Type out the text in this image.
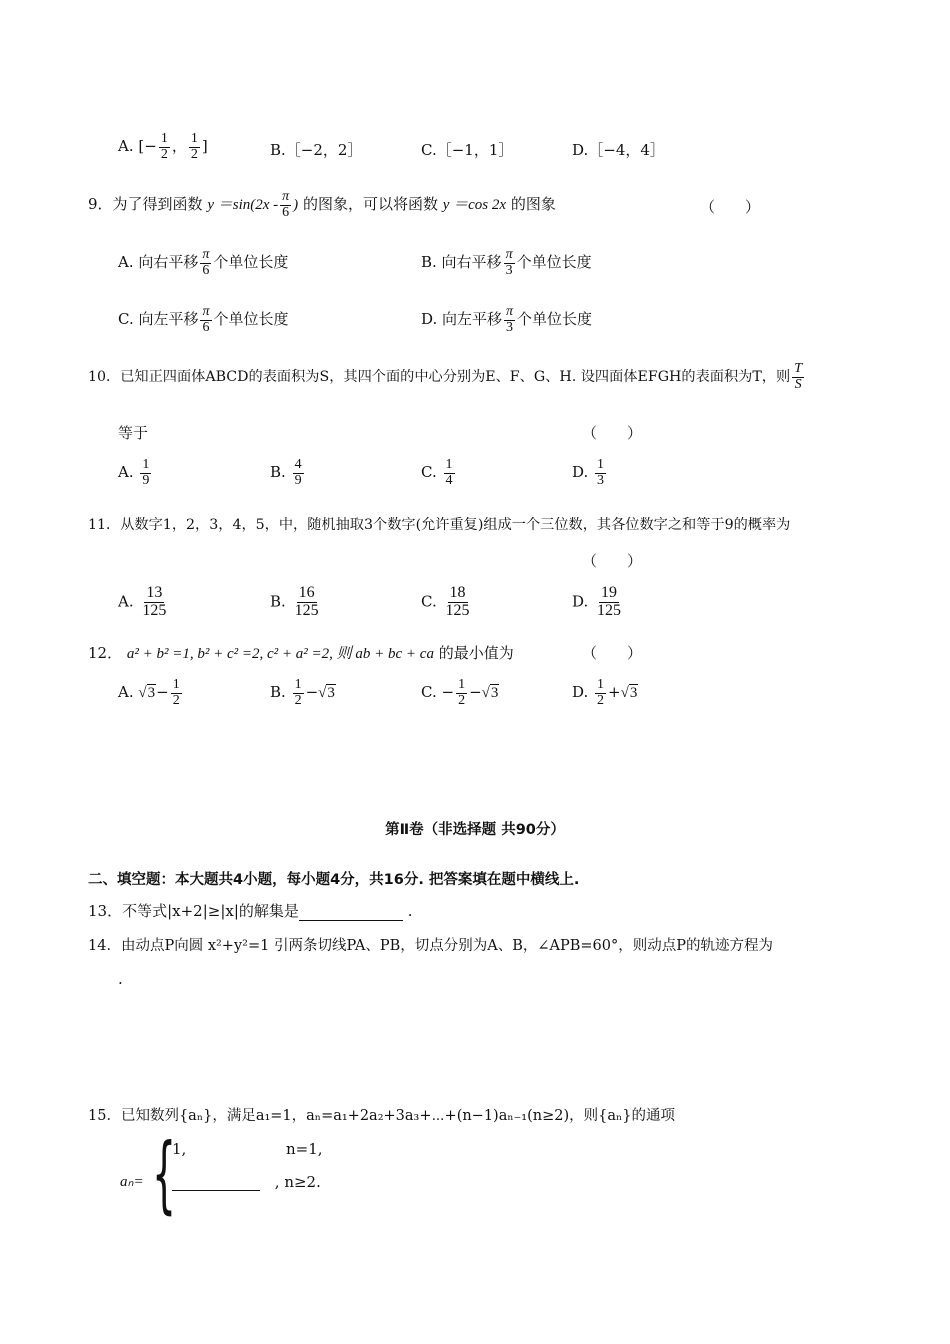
A. [− $\frac{1}{2}$ ， $\frac{1}{2}$ ]	B.［−2，2］	C.［−1，1］	D.［−4，4］
9．为了得到函数 $y =\sin(2x - \frac{\pi}{6}$ ) 的图象，可以将函数 y ＝cos 2x 的图象	（　　）
A. 向右平移 $\frac{\pi}{6}$ 个单位长度	B. 向右平移 $\frac{\pi}{3}$ 个单位长度
C. 向左平移 $\frac{\pi}{6}$ 个单位长度	D. 向左平移 $\frac{\pi}{3}$ 个单位长度
10．已知正四面体ABCD的表面积为S，其四个面的中心分别为E、F、G、H. 设四面体EFGH的表面积为T，则 $\frac{T}{S}$
等于	（　　）
A. $\frac{1}{9}$	B. $\frac{4}{9}$	C. $\frac{1}{4}$	D. $\frac{1}{3}$
11．从数字1，2，3，4，5，中，随机抽取3个数字(允许重复)组成一个三位数，其各位数字之和等于9的概率为
（　　）
A. $\frac{13}{125}$	B. $\frac{16}{125}$	C. $\frac{18}{125}$	D. $\frac{19}{125}$
12． a² + b² =1, b² + c² =2, c² + a² =2, 则 ab + bc + ca 的最小值为	（　　）
A. $√3- \frac{1}{2}$	B. $\frac{1}{2} -√3$	C. − $\frac{1}{2} -√3$	D. $\frac{1}{2} +√3$
第Ⅱ卷（非选择题 共90分）
二、填空题：本大题共4小题，每小题4分，共16分. 把答案填在题中横线上.
13．不等式|x+2|≥|x|的解集是	.
14．由动点P向圆 x²+y²=1 引两条切线PA、PB，切点分别为A、B，∠APB=60°，则动点P的轨迹方程为
.
15．已知数列{aₙ}，满足a₁=1，aₙ=a₁+2a₂+3a₃+⋯+(n−1)aₙ₋₁(n≥2)，则{aₙ}的通项
{
aₙ=
1,	n=1,
, n≥2.
